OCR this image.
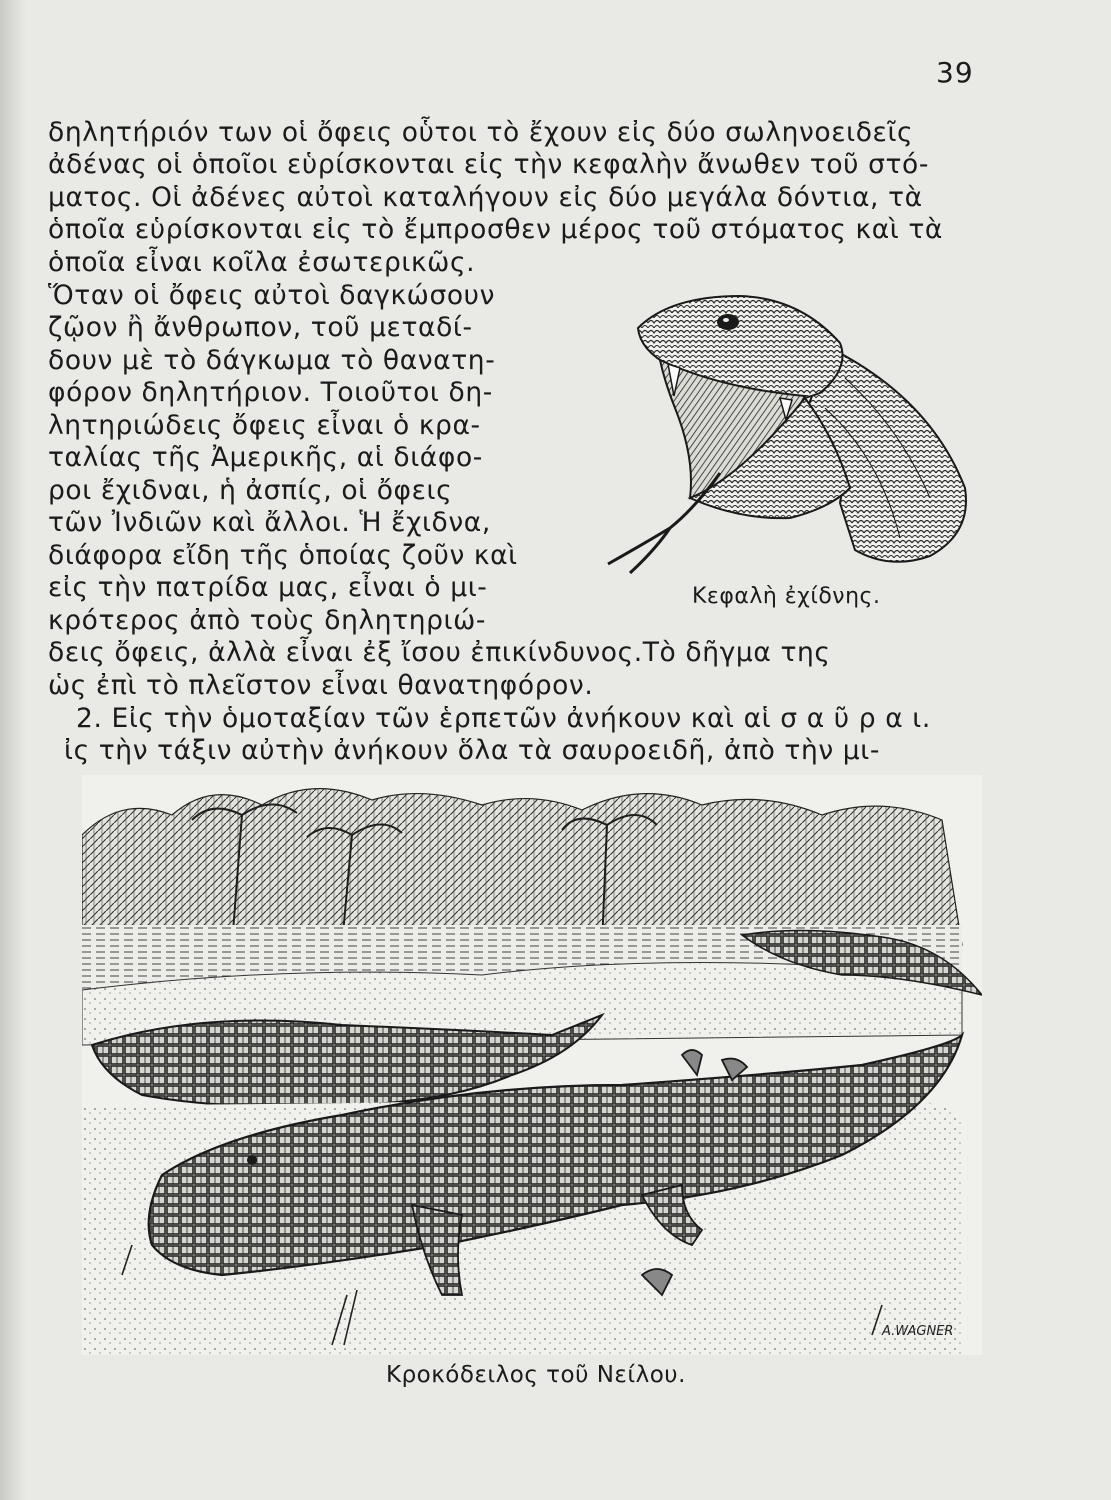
39
δηλητήριόν των οἱ ὄφεις οὗτοι τὸ ἔχουν εἰς δύο σωληνοειδεῖς
ἀδένας οἱ ὁποῖοι εὑρίσκονται εἰς τὴν κεφαλὴν ἄνωθεν τοῦ στό-
ματος. Οἱ ἀδένες αὐτοὶ καταλήγουν εἰς δύο μεγάλα δόντια, τὰ
ὁποῖα εὑρίσκονται εἰς τὸ ἔμπροσθεν μέρος τοῦ στόματος καὶ τὰ
ὁποῖα εἶναι κοῖλα ἐσωτερικῶς.
Ὅταν οἱ ὄφεις αὐτοὶ δαγκώσουν
ζῷον ἢ ἄνθρωπον, τοῦ μεταδί-
δουν μὲ τὸ δάγκωμα τὸ θανατη-
φόρον δηλητήριον. Τοιοῦτοι δη-
λητηριώδεις ὄφεις εἶναι ὁ κρα-
ταλίας τῆς Ἀμερικῆς, αἱ διάφο-
ροι ἔχιδναι, ἡ ἀσπίς, οἱ ὄφεις
τῶν Ἰνδιῶν καὶ ἄλλοι. Ἡ ἔχιδνα,
διάφορα εἴδη τῆς ὁποίας ζοῦν καὶ
εἰς τὴν πατρίδα μας, εἶναι ὁ μι-
κρότερος ἀπὸ τοὺς δηλητηριώ-
δεις ὄφεις, ἀλλὰ εἶναι ἐξ ἴσου ἐπικίνδυνος.Τὸ δῆγμα της
ὡς ἐπὶ τὸ πλεῖστον εἶναι θανατηφόρον.
2. Εἰς τὴν ὁμοταξίαν τῶν ἑρπετῶν ἀνήκουν καὶ αἱ σ α ῦ ρ α ι.
ἰς τὴν τάξιν αὐτὴν ἀνήκουν ὅλα τὰ σαυροειδῆ, ἀπὸ τὴν μι-
Κεφαλὴ ἐχίδνης.
A.WAGNER
Κροκόδειλος τοῦ Νείλου.
